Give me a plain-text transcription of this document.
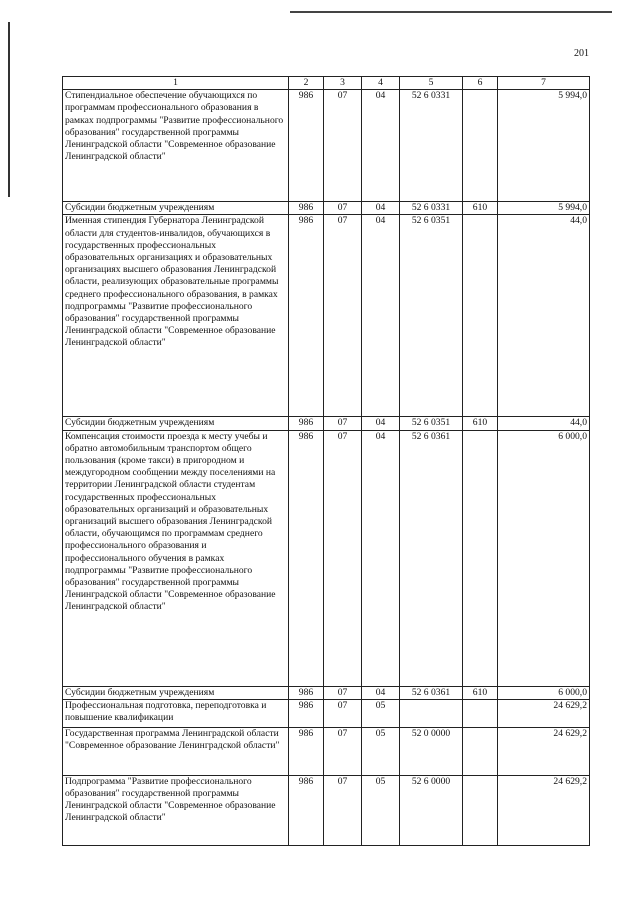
201
1	2	3	4	5	6	7
Стипендиальное обеспечение обучающихся по программам профессионального образования в рамках подпрограммы "Развитие профессионального образования" государственной программы Ленинградской области "Современное образование Ленинградской области"	986	07	04	52 6 0331		5 994,0
Субсидии бюджетным учреждениям	986	07	04	52 6 0331	610	5 994,0
Именная стипендия Губернатора Ленинградской области для студентов-инвалидов, обучающихся в государственных профессиональных образовательных организациях и образовательных организациях высшего образования Ленинградской области, реализующих образовательные программы среднего профессионального образования, в рамках подпрограммы "Развитие профессионального образования" государственной программы Ленинградской области "Современное образование Ленинградской области"	986	07	04	52 6 0351		44,0
Субсидии бюджетным учреждениям	986	07	04	52 6 0351	610	44,0
Компенсация стоимости проезда к месту учебы и обратно автомобильным транспортом общего пользования (кроме такси) в пригородном и междугородном сообщении между поселениями на территории Ленинградской области студентам государственных профессиональных образовательных организаций и образовательных организаций высшего образования Ленинградской области, обучающимся по программам среднего профессионального образования и профессионального обучения в рамках подпрограммы "Развитие профессионального образования" государственной программы Ленинградской области "Современное образование Ленинградской области"	986	07	04	52 6 0361		6 000,0
Субсидии бюджетным учреждениям	986	07	04	52 6 0361	610	6 000,0
Профессиональная подготовка, переподготовка и повышение квалификации	986	07	05			24 629,2
Государственная программа Ленинградской области "Современное образование Ленинградской области"	986	07	05	52 0 0000		24 629,2
Подпрограмма "Развитие профессионального образования" государственной программы Ленинградской области "Современное образование Ленинградской области"	986	07	05	52 6 0000		24 629,2
